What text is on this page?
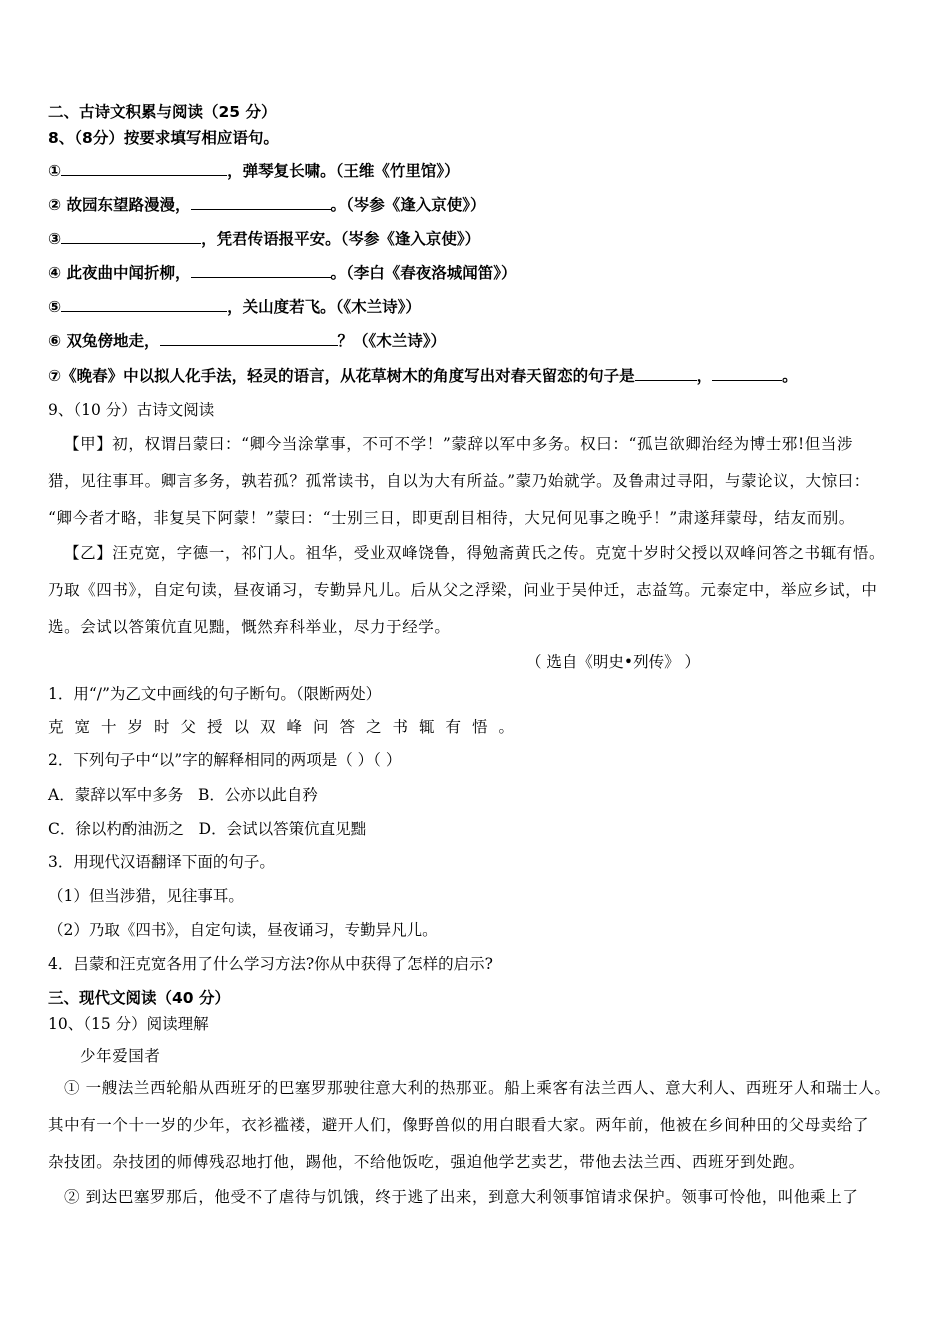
二、古诗文积累与阅读（25 分）
8、（8分）按要求填写相应语句。
①	，弹琴复长啸。（王维《竹里馆》）
② 故园东望路漫漫，	。（岑参《逢入京使》）
③	，凭君传语报平安。（岑参《逢入京使》）
④ 此夜曲中闻折柳，	。（李白《春夜洛城闻笛》）
⑤	，关山度若飞。（《木兰诗》）
⑥ 双兔傍地走，	？（《木兰诗》）
⑦《晚春》中以拟人化手法，轻灵的语言，从花草树木的角度写出对春天留恋的句子是	，	。
9、（10 分）古诗文阅读
【甲】初，权谓吕蒙曰：“卿今当涂掌事，不可不学！”蒙辞以军中多务。权曰：“孤岂欲卿治经为博士邪!但当涉
猎，见往事耳。卿言多务，孰若孤？孤常读书，自以为大有所益。”蒙乃始就学。及鲁肃过寻阳，与蒙论议，大惊曰：
“卿今者才略，非复吴下阿蒙！”蒙曰：“士别三日，即更刮目相待，大兄何见事之晚乎！”肃遂拜蒙母，结友而别。
【乙】汪克宽，字德一，祁门人。祖华，受业双峰饶鲁，得勉斋黄氏之传。克宽十岁时父授以双峰问答之书辄有悟。
乃取《四书》，自定句读，昼夜诵习，专勤异凡儿。后从父之浮梁，问业于吴仲迁，志益笃。元泰定中，举应乡试，中
选。会试以答策伉直见黜，慨然弃科举业，尽力于经学。
（ 选自《明史•列传》 ）
1．用“/”为乙文中画线的句子断句。（限断两处）
克宽十岁时父授以双峰问答之书辄有悟。
2．下列句子中“以”字的解释相同的两项是（ ）（ ）
A．蒙辞以军中多务 B．公亦以此自矜
C．徐以杓酌油沥之 D．会试以答策伉直见黜
3．用现代汉语翻译下面的句子。
（1）但当涉猎，见往事耳。
（2）乃取《四书》，自定句读，昼夜诵习，专勤异凡儿。
4．吕蒙和汪克宽各用了什么学习方法?你从中获得了怎样的启示?
三、现代文阅读（40 分）
10、（15 分）阅读理解
少年爱国者
① 一艘法兰西轮船从西班牙的巴塞罗那驶往意大利的热那亚。船上乘客有法兰西人、意大利人、西班牙人和瑞士人。
其中有一个十一岁的少年，衣衫褴褛，避开人们，像野兽似的用白眼看大家。两年前，他被在乡间种田的父母卖给了
杂技团。杂技团的师傅残忍地打他，踢他，不给他饭吃，强迫他学艺卖艺，带他去法兰西、西班牙到处跑。
② 到达巴塞罗那后，他受不了虐待与饥饿，终于逃了出来，到意大利领事馆请求保护。领事可怜他，叫他乘上了
